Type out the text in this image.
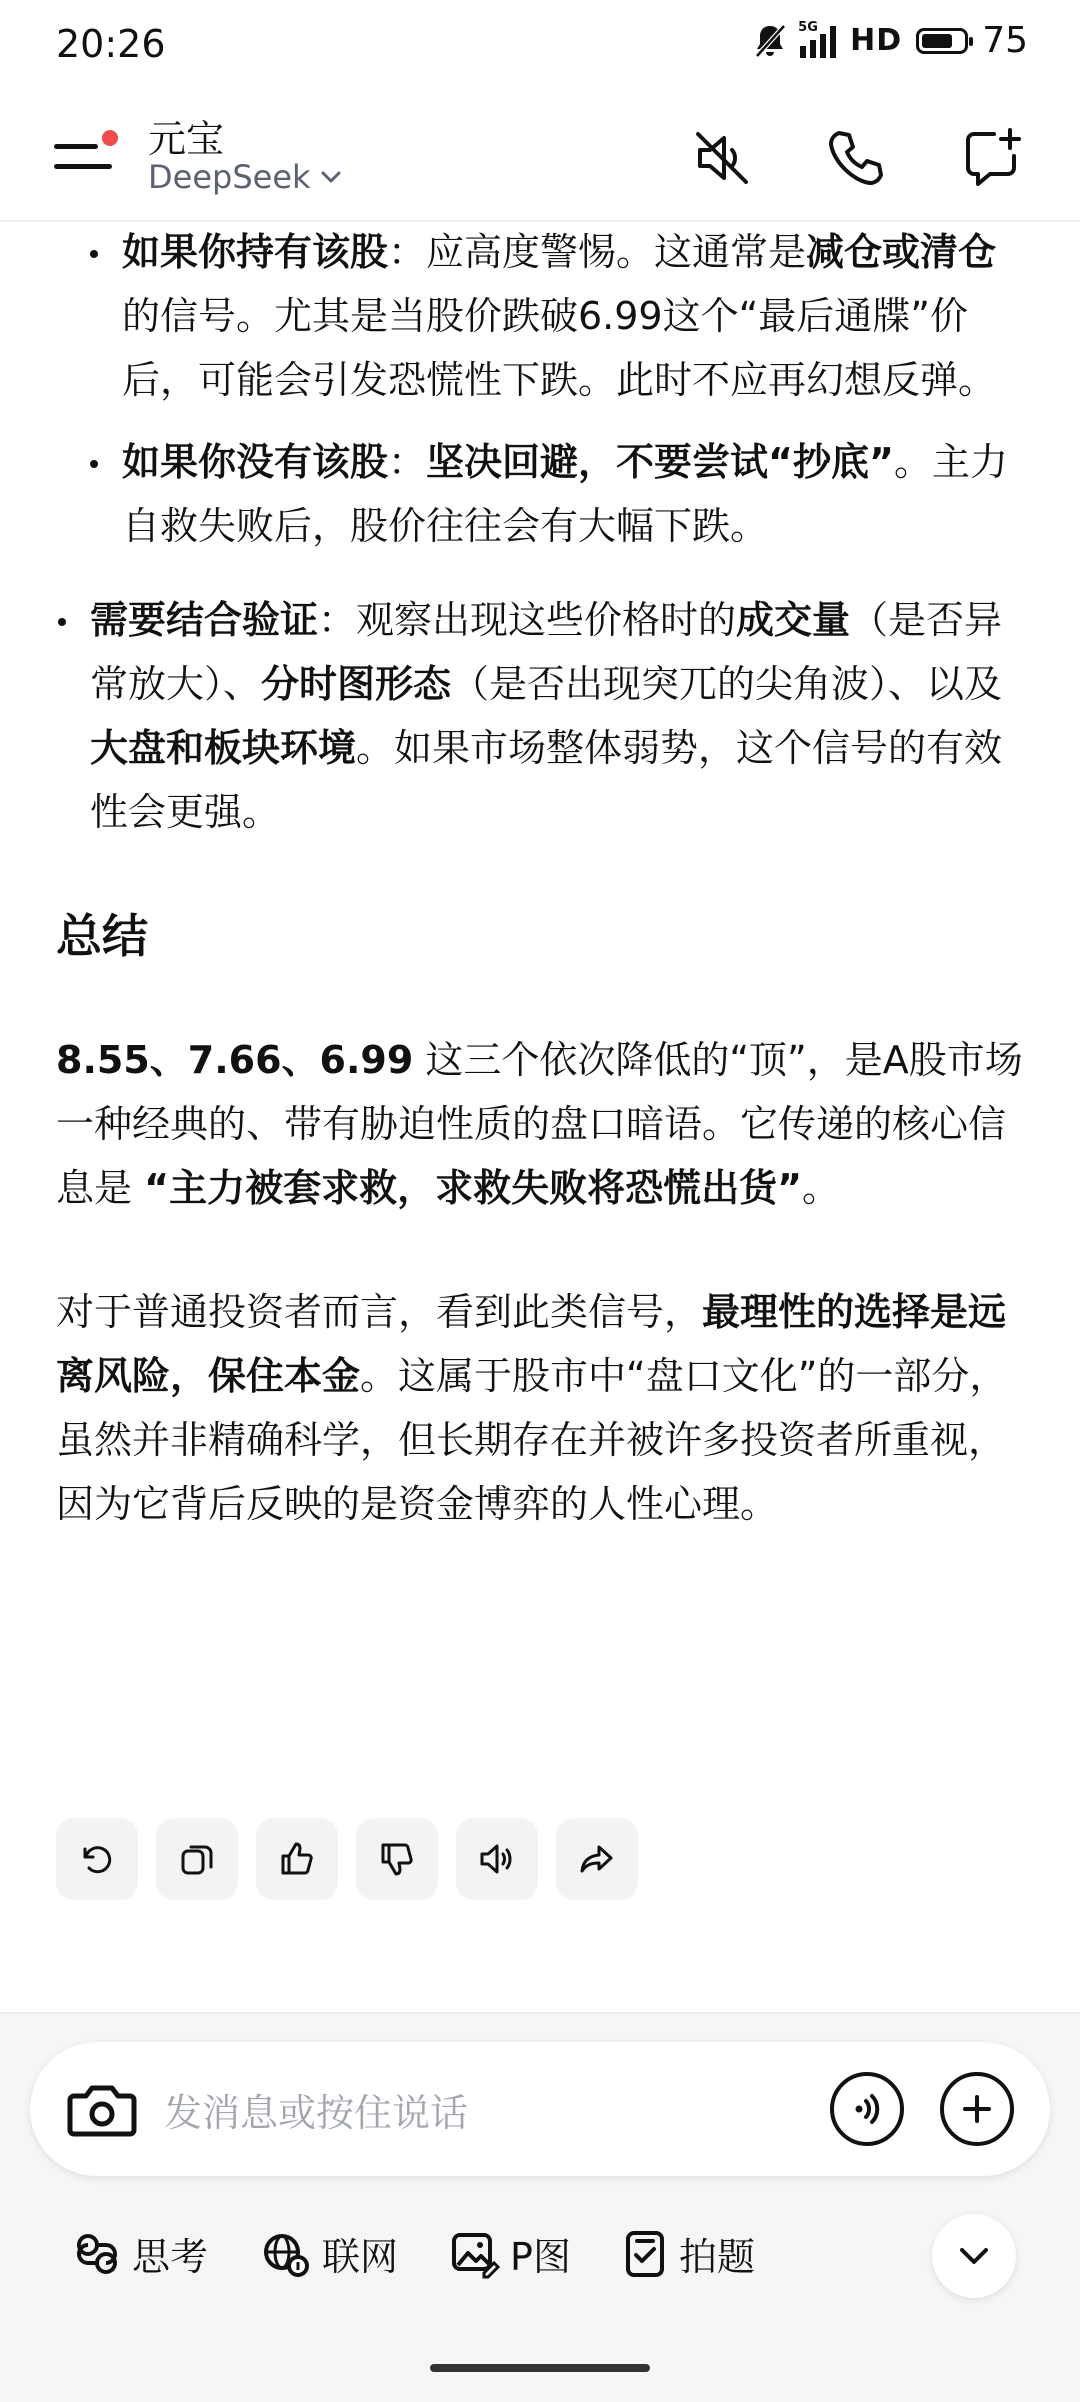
20:26	5G HD 75
元宝
DeepSeek
如果你持有该股：应高度警惕。这通常是减仓或清仓的信号。尤其是当股价跌破6.99这个“最后通牒”价后，可能会引发恐慌性下跌。此时不应再幻想反弹。
如果你没有该股：坚决回避，不要尝试“抄底”。主力自救失败后，股价往往会有大幅下跌。
需要结合验证：观察出现这些价格时的成交量（是否异常放大）、分时图形态（是否出现突兀的尖角波）、以及大盘和板块环境。如果市场整体弱势，这个信号的有效性会更强。
总结
8.55、7.66、6.99 这三个依次降低的“顶”，是A股市场一种经典的、带有胁迫性质的盘口暗语。它传递的核心信息是 “主力被套求救，求救失败将恐慌出货”。
对于普通投资者而言，看到此类信号，最理性的选择是远离风险，保住本金。这属于股市中“盘口文化”的一部分，虽然并非精确科学，但长期存在并被许多投资者所重视，因为它背后反映的是资金博弈的人性心理。
发消息或按住说话
思考	联网	P图	拍题
